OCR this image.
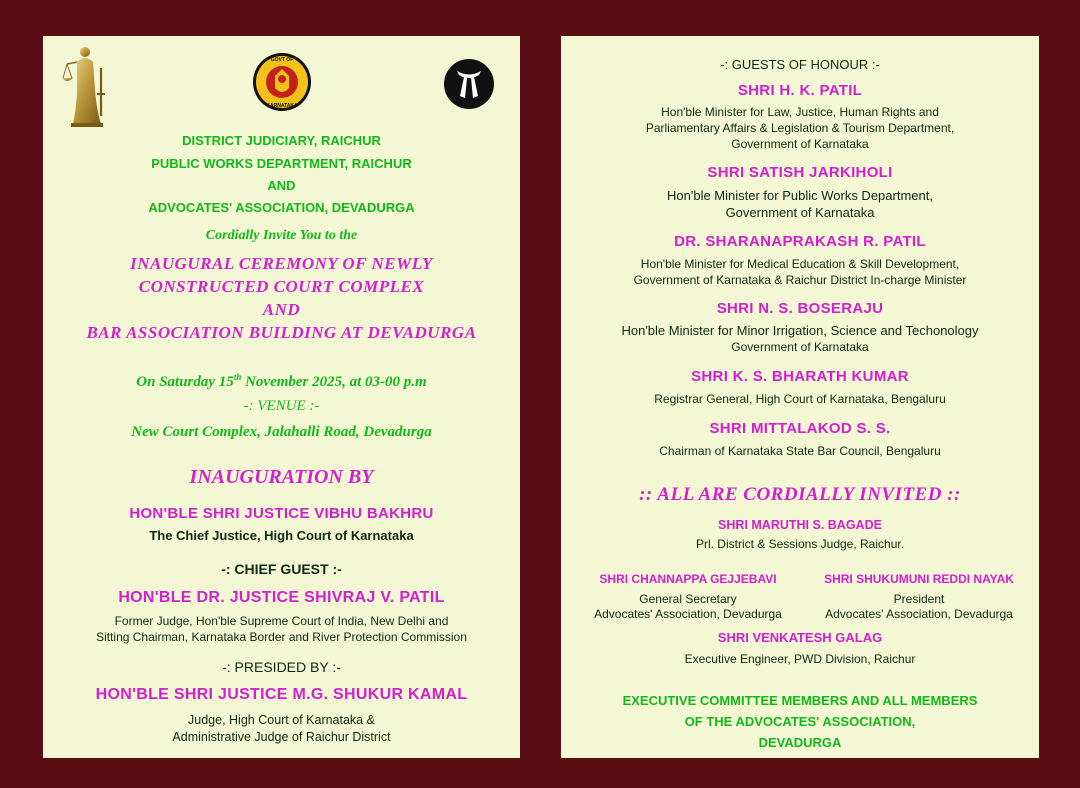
GOVT OF
KARNATAKA
DISTRICT JUDICIARY, RAICHUR
PUBLIC WORKS DEPARTMENT, RAICHUR
AND
ADVOCATES' ASSOCIATION, DEVADURGA
Cordially Invite You to the
INAUGURAL CEREMONY OF NEWLY
CONSTRUCTED COURT COMPLEX
AND
BAR ASSOCIATION BUILDING AT DEVADURGA
On Saturday 15th November 2025, at 03-00 p.m
-: VENUE :-
New Court Complex, Jalahalli Road, Devadurga
INAUGURATION BY
HON'BLE SHRI JUSTICE VIBHU BAKHRU
The Chief Justice, High Court of Karnataka
-: CHIEF GUEST :-
HON'BLE DR. JUSTICE SHIVRAJ V. PATIL
Former Judge, Hon'ble Supreme Court of India, New Delhi and
Sitting Chairman, Karnataka Border and River Protection Commission
-: PRESIDED BY :-
HON'BLE SHRI JUSTICE M.G. SHUKUR KAMAL
Judge, High Court of Karnataka &
Administrative Judge of Raichur District
-: GUESTS OF HONOUR :-
SHRI H. K. PATIL
Hon'ble Minister for Law, Justice, Human Rights and
Parliamentary Affairs & Legislation & Tourism Department,
Government of Karnataka
SHRI SATISH JARKIHOLI
Hon'ble Minister for Public Works Department,
Government of Karnataka
DR. SHARANAPRAKASH R. PATIL
Hon'ble Minister for Medical Education & Skill Development,
Government of Karnataka & Raichur District In-charge Minister
SHRI N. S. BOSERAJU
Hon'ble Minister for Minor Irrigation, Science and Techonology
Government of Karnataka
SHRI K. S. BHARATH KUMAR
Registrar General, High Court of Karnataka, Bengaluru
SHRI MITTALAKOD S. S.
Chairman of Karnataka State Bar Council, Bengaluru
:: ALL ARE CORDIALLY INVITED ::
SHRI MARUTHI S. BAGADE
Prl. District & Sessions Judge, Raichur.
SHRI CHANNAPPA GEJJEBAVI
General Secretary
Advocates' Association, Devadurga
SHRI SHUKUMUNI REDDI NAYAK
President
Advocates' Association, Devadurga
SHRI VENKATESH GALAG
Executive Engineer, PWD Division, Raichur
EXECUTIVE COMMITTEE MEMBERS AND ALL MEMBERS
OF THE ADVOCATES' ASSOCIATION,
DEVADURGA
